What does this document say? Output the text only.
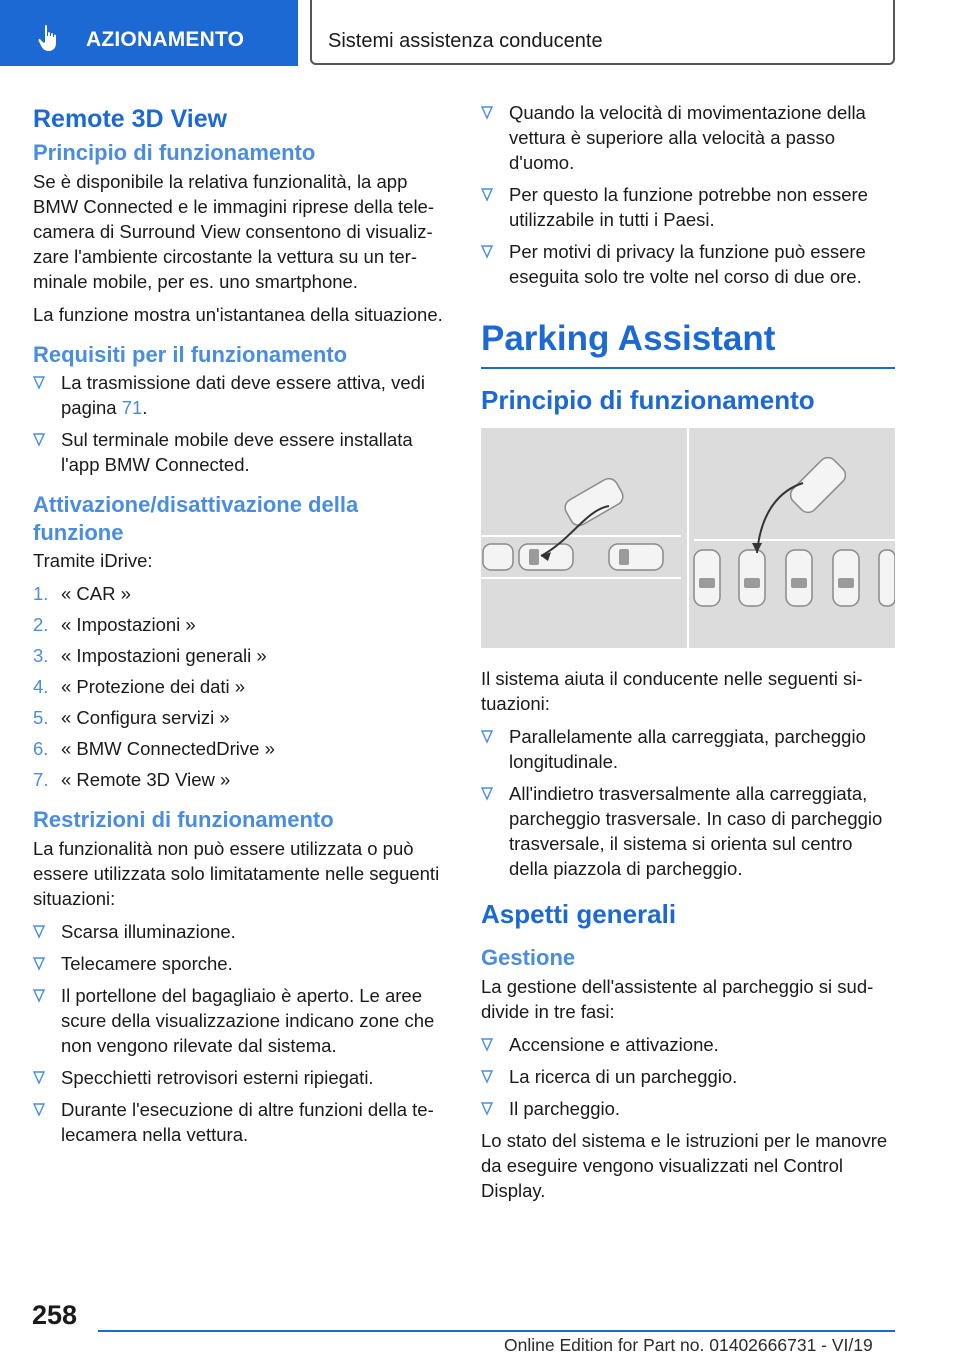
AZIONAMENTO	Sistemi assistenza conducente
Remote 3D View
Principio di funzionamento

Se è disponibile la relativa funzionalità, la app BMW Connected e le immagini riprese della telecamera di Surround View consentono di visualizzare l'ambiente circostante la vettura su un terminale mobile, per es. uno smartphone.

La funzione mostra un'istantanea della situazione.

Requisiti per il funzionamento
La trasmissione dati deve essere attiva, vedi pagina 71.
Sul terminale mobile deve essere installata l'app BMW Connected.
Attivazione/disattivazione della funzione

Tramite iDrive:

1. « CAR »
2. « Impostazioni »
3. « Impostazioni generali »
4. « Protezione dei dati »
5. « Configura servizi »
6. « BMW ConnectedDrive »
7. « Remote 3D View »
Restrizioni di funzionamento

La funzionalità non può essere utilizzata o può essere utilizzata solo limitatamente nelle seguenti situazioni:

Scarsa illuminazione.
Telecamere sporche.
Il portellone del bagagliaio è aperto. Le aree scure della visualizzazione indicano zone che non vengono rilevate dal sistema.
Specchietti retrovisori esterni ripiegati.
Durante l'esecuzione di altre funzioni della telecamera nella vettura.
Quando la velocità di movimentazione della vettura è superiore alla velocità a passo d'uomo.
Per questo la funzione potrebbe non essere utilizzabile in tutti i Paesi.
Per motivi di privacy la funzione può essere eseguita solo tre volte nel corso di due ore.
Parking Assistant
Principio di funzionamento

Il sistema aiuta il conducente nelle seguenti situazioni:

Parallelamente alla carreggiata, parcheggio longitudinale.
All'indietro trasversalmente alla carreggiata, parcheggio trasversale. In caso di parcheggio trasversale, il sistema si orienta sul centro della piazzola di parcheggio.
Aspetti generali
Gestione

La gestione dell'assistente al parcheggio si suddivide in tre fasi:

Accensione e attivazione.
La ricerca di un parcheggio.
Il parcheggio.

Lo stato del sistema e le istruzioni per le manovre da eseguire vengono visualizzati nel Control Display.

258
Online Edition for Part no. 01402666731 - VI/19
